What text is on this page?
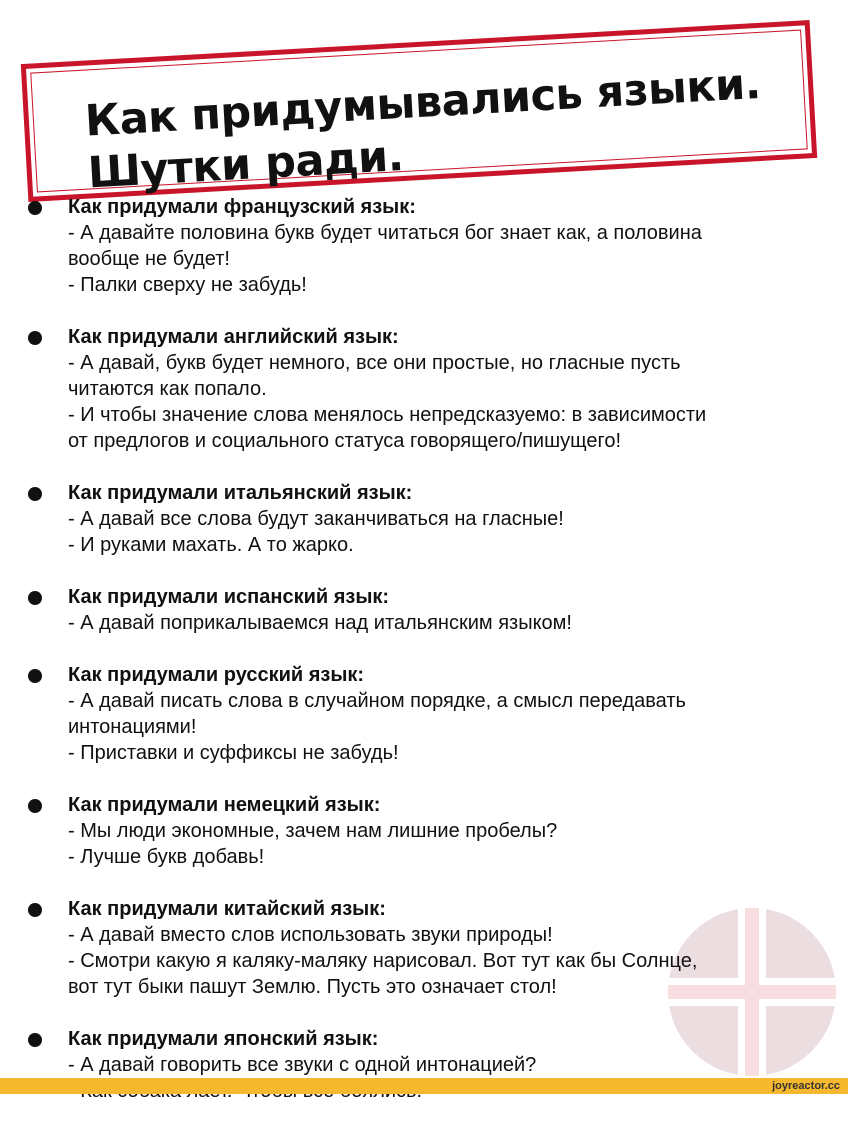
Как придумывались языки.
Шутки ради.
Как придумали французский язык:
- А давайте половина букв будет читаться бог знает как, а половина
вообще не будет!
- Палки сверху не забудь!
Как придумали английский язык:
- А давай, букв будет немного, все они простые, но гласные пусть
читаются как попало.
- И чтобы значение слова менялось непредсказуемо: в зависимости
от предлогов и социального статуса говорящего/пишущего!
Как придумали итальянский язык:
- А давай все слова будут заканчиваться на гласные!
- И руками махать. А то жарко.
Как придумали испанский язык:
- А давай поприкалываемся над итальянским языком!
Как придумали русский язык:
- А давай писать слова в случайном порядке, а смысл передавать
интонациями!
- Приставки и суффиксы не забудь!
Как придумали немецкий язык:
- Мы люди экономные, зачем нам лишние пробелы?
- Лучше букв добавь!
Как придумали китайский язык:
- А давай вместо слов использовать звуки природы!
- Смотри какую я каляку-маляку нарисовал. Вот тут как бы Солнце,
вот тут быки пашут Землю. Пусть это означает стол!
Как придумали японский язык:
- А давай говорить все звуки с одной интонацией?
joyreactor.cc
